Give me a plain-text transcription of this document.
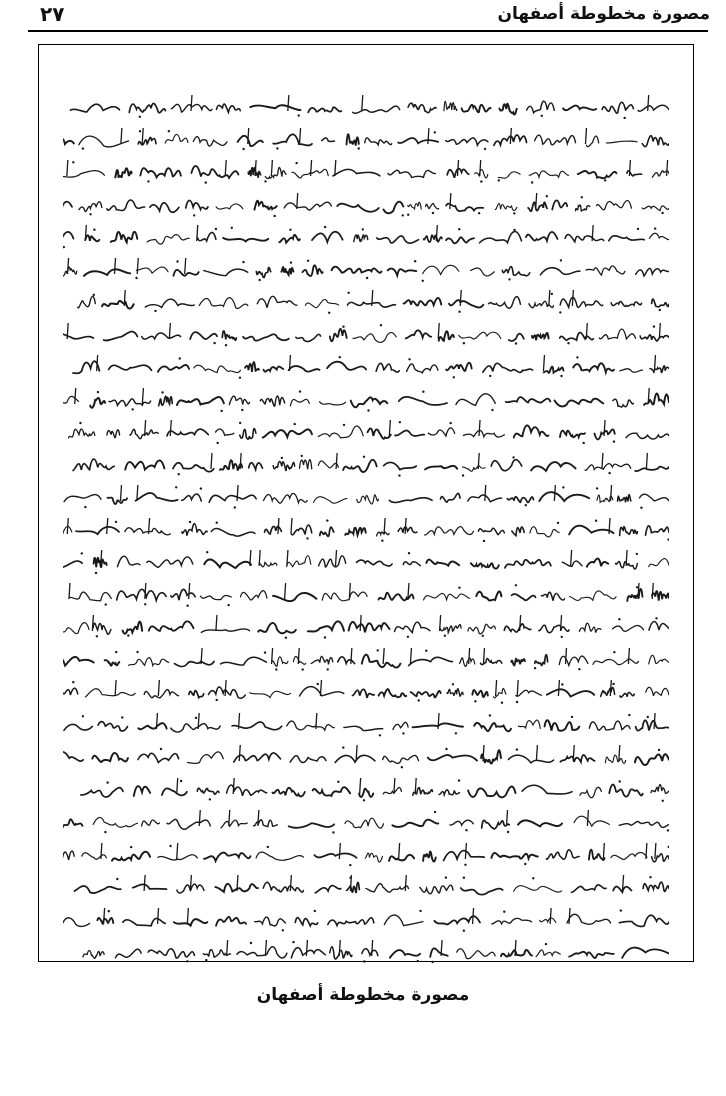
مصورة مخطوطة أصفهان
٢٧
مصورة مخطوطة أصفهان
